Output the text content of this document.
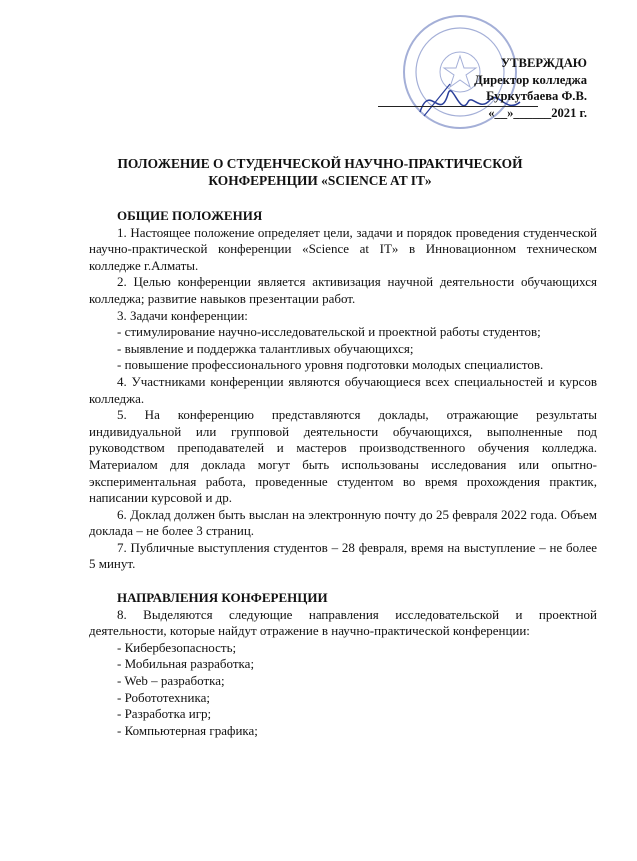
УТВЕРЖДАЮ
Директор колледжа
Буркутбаева Ф.В.
«__»______2021 г.
ПОЛОЖЕНИЕ О СТУДЕНЧЕСКОЙ НАУЧНО-ПРАКТИЧЕСКОЙ
КОНФЕРЕНЦИИ «SCIENCE AT IT»
ОБЩИЕ ПОЛОЖЕНИЯ

1. Настоящее положение определяет цели, задачи и порядок проведения студенческой научно-практической конференции «Science at IT» в Инновационном техническом колледже г.Алматы.

2. Целью конференции является активизация научной деятельности обучающихся колледжа; развитие навыков презентации работ.

3. Задачи конференции:

- стимулирование научно-исследовательской и проектной работы студентов;

- выявление и поддержка талантливых обучающихся;

- повышение профессионального уровня подготовки молодых специалистов.

4. Участниками конференции являются обучающиеся всех специальностей и курсов колледжа.

5. На конференцию представляются доклады, отражающие результаты индивидуальной или групповой деятельности обучающихся, выполненные под руководством преподавателей и мастеров производственного обучения колледжа. Материалом для доклада могут быть использованы исследования или опытно-экспериментальная работа, проведенные студентом во время прохождения практик, написании курсовой и др.

6. Доклад должен быть выслан на электронную почту до 25 февраля 2022 года. Объем доклада – не более 3 страниц.

7. Публичные выступления студентов – 28 февраля, время на выступление – не более 5 минут.

НАПРАВЛЕНИЯ КОНФЕРЕНЦИИ

8. Выделяются следующие направления исследовательской и проектной деятельности, которые найдут отражение в научно-практической конференции:

- Кибербезопасность;

- Мобильная разработка;

- Web – разработка;

- Робототехника;

- Разработка игр;

- Компьютерная графика;
